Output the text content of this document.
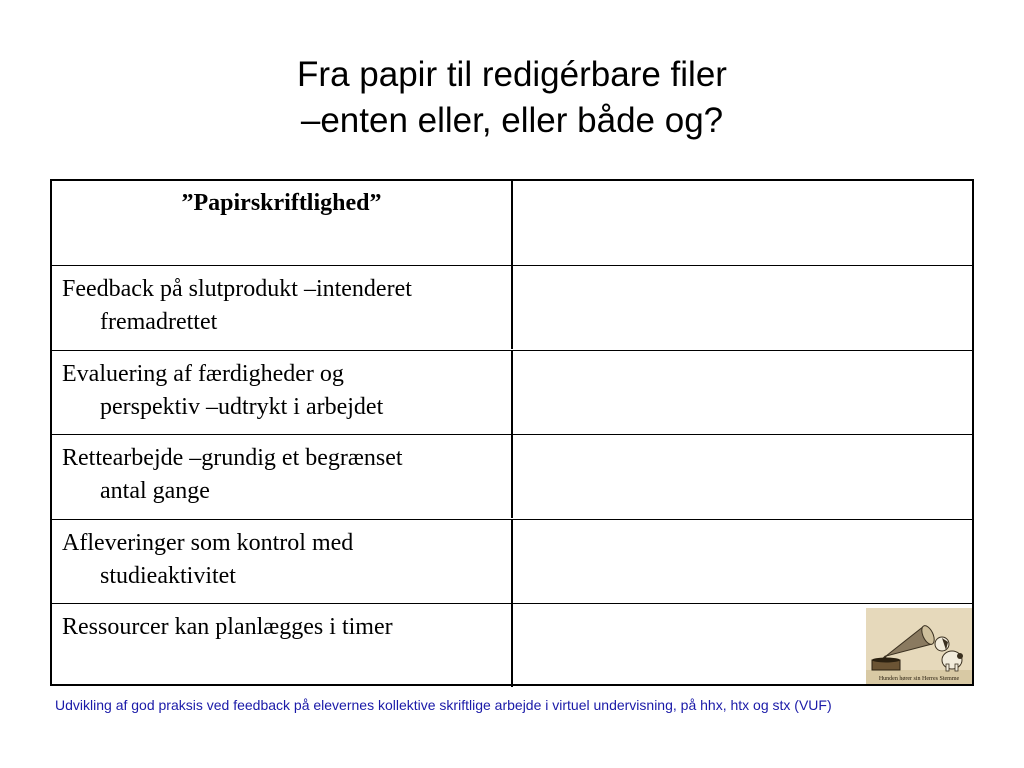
Fra papir til redigérbare filer
–enten eller, eller både og?
”Papirskriftlighed”
Feedback på slutprodukt –intenderet
fremadrettet
Evaluering af færdigheder og
perspektiv –udtrykt i arbejdet
Rettearbejde –grundig et begrænset
antal gange
Afleveringer som kontrol med
studieaktivitet
Ressourcer kan planlægges i timer
Hunden hører sin Herres Stemme
Udvikling af god praksis ved feedback på elevernes kollektive skriftlige arbejde i virtuel undervisning, på hhx, htx og stx (VUF)
